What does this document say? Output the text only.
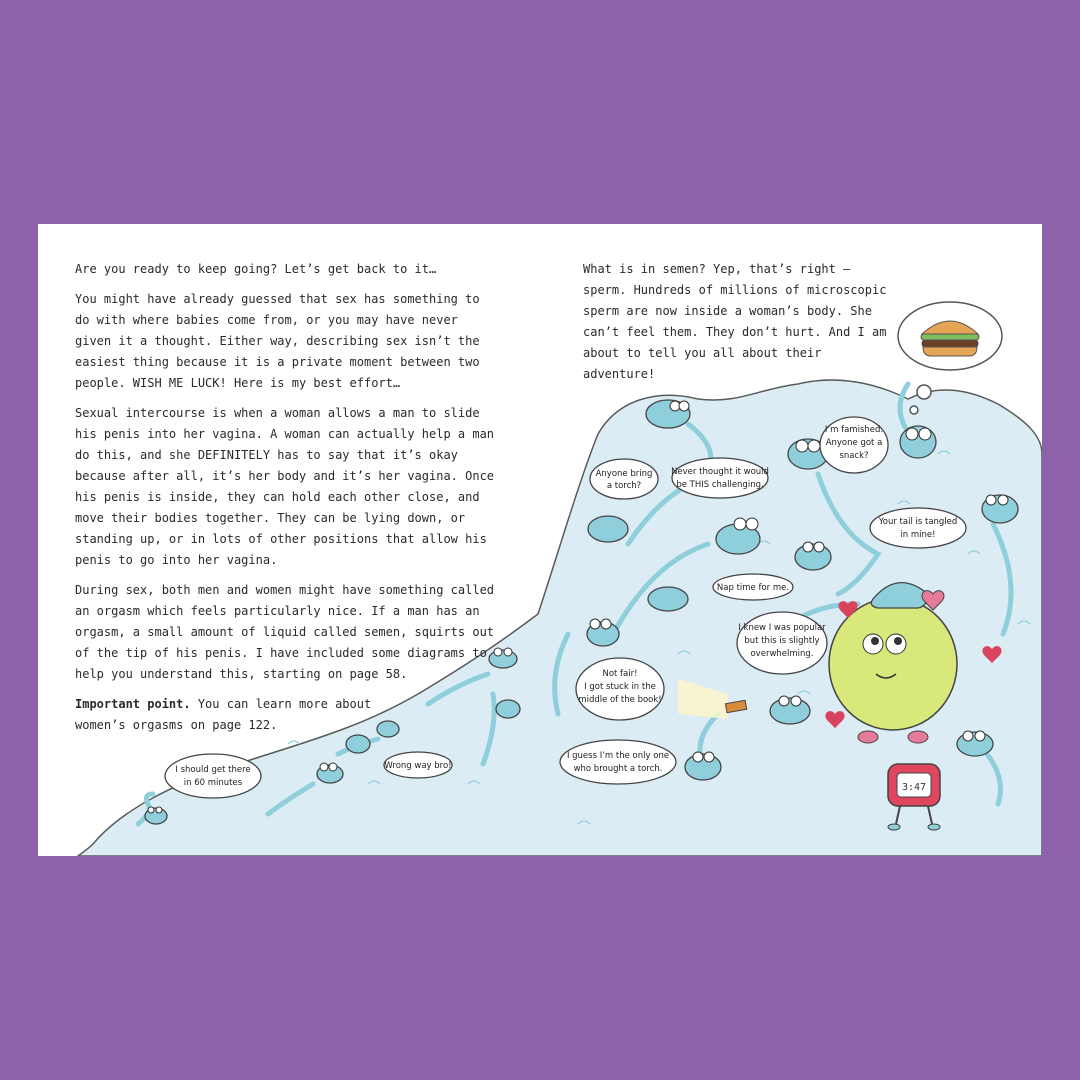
3:47
I should get there
in 60 minutes
Wrong way bro!
Anyone bring
a torch?
Never thought it would
be THIS challenging.
I’m famished.
Anyone got a
snack?
Your tail is tangled
in mine!
Nap time for me.
I knew I was popular
but this is slightly
overwhelming.
Not fair!
I got stuck in the
middle of the book!
I guess I’m the only one
who brought a torch.

Are you ready to keep going? Let’s get back to it…

You might have already guessed that sex has something to do with where babies come from, or you may have never given it a thought. Either way, describing sex isn’t the easiest thing because it is a private moment between two people. WISH ME LUCK! Here is my best effort…

Sexual intercourse is when a woman allows a man to slide his penis into her vagina. A woman can actually help a man do this, and she DEFINITELY has to say that it’s okay because after all, it’s her body and it’s her vagina. Once his penis is inside, they can hold each other close, and move their bodies together. They can be lying down, or standing up, or in lots of other positions that allow his penis to go into her vagina.

During sex, both men and women might have something called an orgasm which feels particularly nice. If a man has an orgasm, a small amount of liquid called semen, squirts out of the tip of his penis. I have included some diagrams to help you understand this, starting on page 58.

Important point. You can learn more about women’s orgasms on page 122.

What is in semen? Yep, that’s right – sperm. Hundreds of millions of microscopic sperm are now inside a woman’s body. She can’t feel them. They don’t hurt. And I am about to tell you all about their adventure!
